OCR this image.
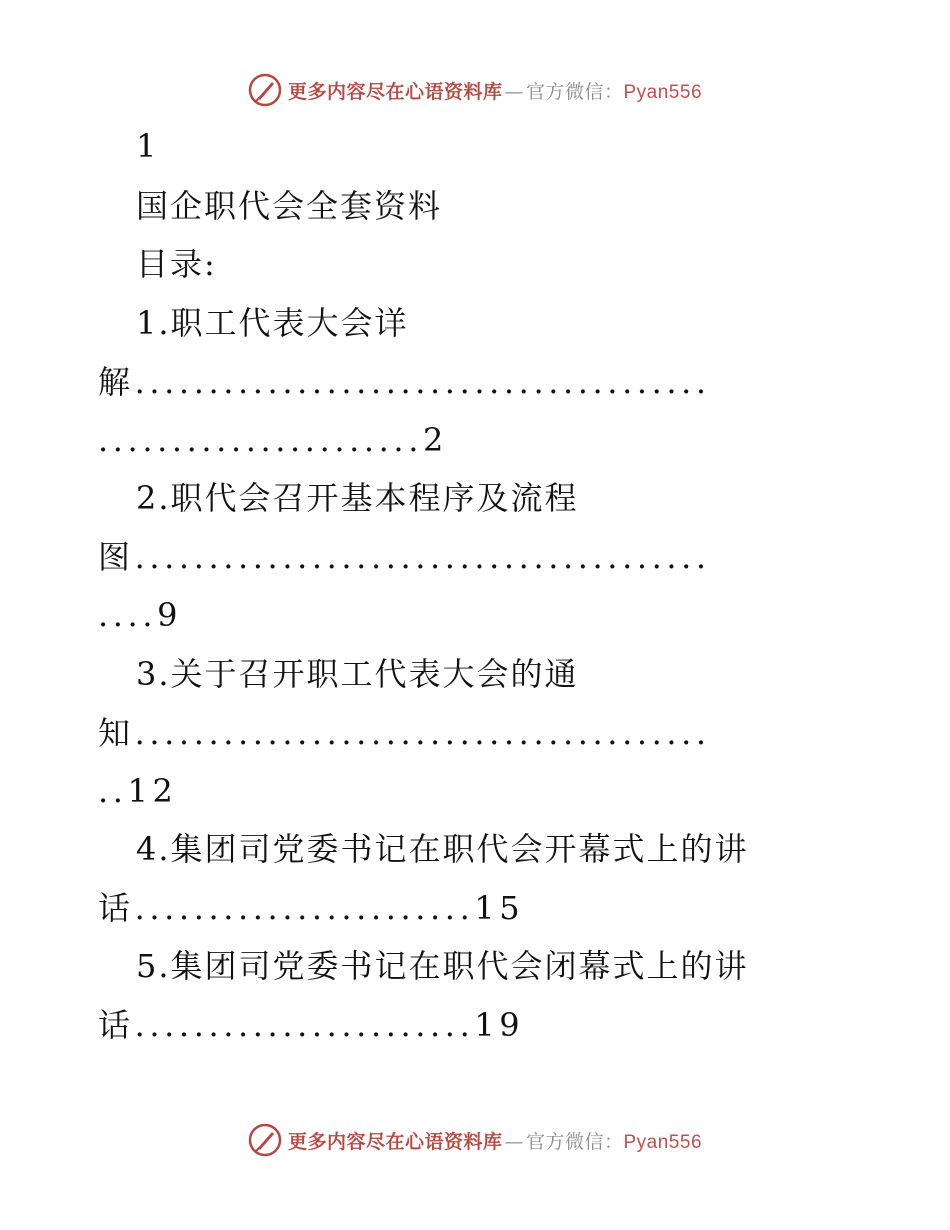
更多内容尽在心语资料库 — 官方微信：Pyan556
1
国企职代会全套资料
目录:
1.职工代表大会详
解.......................................
......................2
2.职代会召开基本程序及流程
图.......................................
....9
3.关于召开职工代表大会的通
知.......................................
..12
4.集团司党委书记在职代会开幕式上的讲
话.......................15
5.集团司党委书记在职代会闭幕式上的讲
话.......................19
更多内容尽在心语资料库 — 官方微信：Pyan556
